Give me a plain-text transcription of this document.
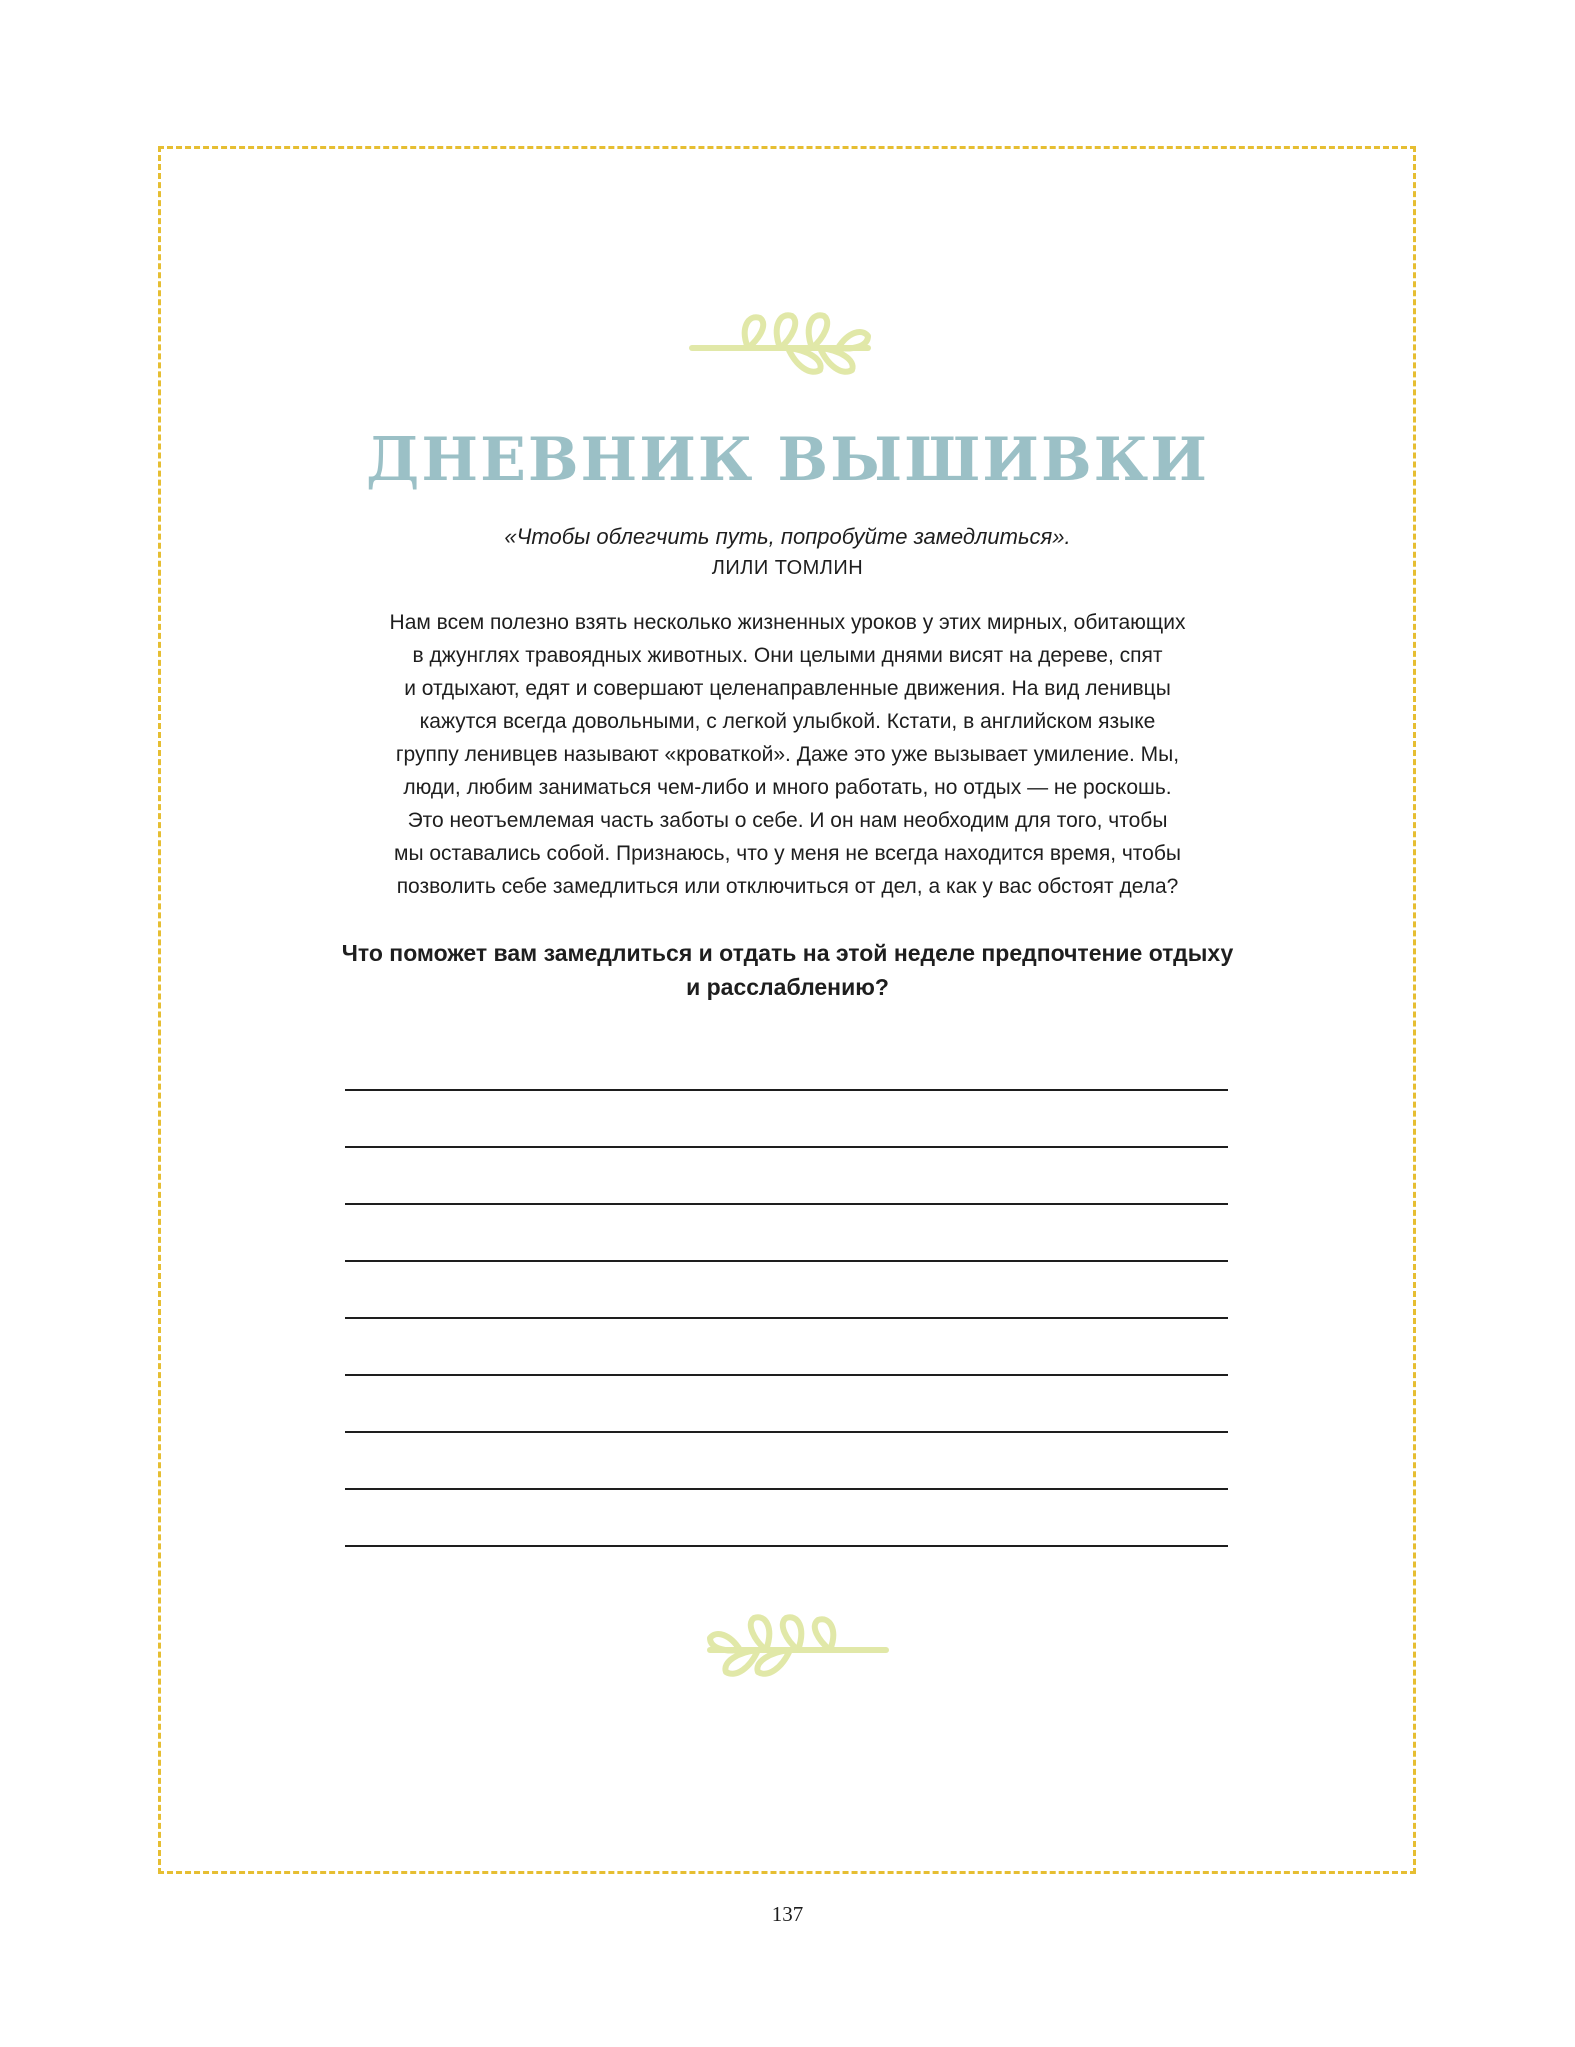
ДНЕВНИК ВЫШИВКИ
«Чтобы облегчить путь, попробуйте замедлиться».
ЛИЛИ ТОМЛИН
Нам всем полезно взять несколько жизненных уроков у этих мирных, обитающих
в джунглях травоядных животных. Они целыми днями висят на дереве, спят
и отдыхают, едят и совершают целенаправленные движения. На вид ленивцы
кажутся всегда довольными, с легкой улыбкой. Кстати, в английском языке
группу ленивцев называют «кроваткой». Даже это уже вызывает умиление. Мы,
люди, любим заниматься чем-либо и много работать, но отдых — не роскошь.
Это неотъемлемая часть заботы о себе. И он нам необходим для того, чтобы
мы оставались собой. Признаюсь, что у меня не всегда находится время, чтобы
позволить себе замедлиться или отключиться от дел, а как у вас обстоят дела?
Что поможет вам замедлиться и отдать на этой неделе предпочтение отдыху
и расслаблению?
137
